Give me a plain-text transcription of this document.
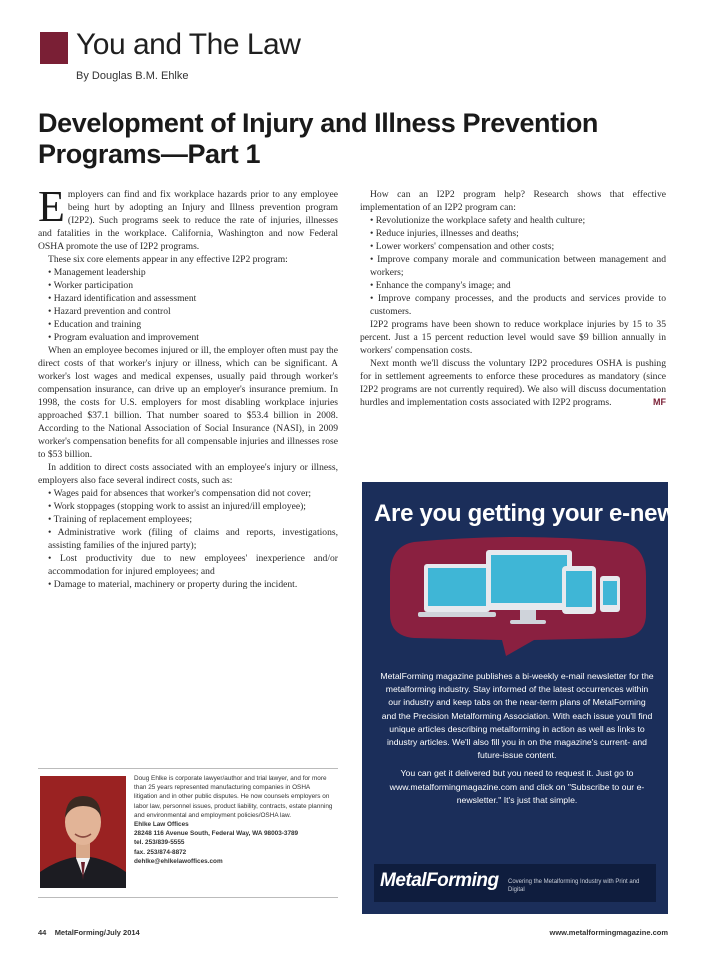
You and The Law
By Douglas B.M. Ehlke
Development of Injury and Illness Prevention Programs—Part 1

Employers can find and fix workplace hazards prior to any employee being hurt by adopting an Injury and Illness prevention program (I2P2). Such programs seek to reduce the rate of injuries, illnesses and fatalities in the workplace. California, Washington and now Federal OSHA promote the use of I2P2 programs.

These six core elements appear in any effective I2P2 program:

• Management leadership

• Worker participation

• Hazard identification and assessment

• Hazard prevention and control

• Education and training

• Program evaluation and improvement

When an employee becomes injured or ill, the employer often must pay the direct costs of that worker's injury or illness, which can be significant. A worker's lost wages and medical expenses, usually paid through worker's compensation insurance, can drive up an employer's insurance premium. In 1998, the costs for U.S. employers for most disabling workplace injuries approached $37.1 billion. That number soared to $53.4 billion in 2008. According to the National Association of Social Insurance (NASI), in 2009 worker's compensation benefits for all compensable injuries and illnesses rose to $53 billion.

In addition to direct costs associated with an employee's injury or illness, employers also face several indirect costs, such as:

• Wages paid for absences that worker's compensation did not cover;

• Work stoppages (stopping work to assist an injured/ill employee);

• Training of replacement employees;

• Administrative work (filing of claims and reports, investigations, assisting families of the injured party);

• Lost productivity due to new employees' inexperience and/or accommodation for injured employees; and

• Damage to material, machinery or property during the incident.

How can an I2P2 program help? Research shows that effective implementation of an I2P2 program can:

• Revolutionize the workplace safety and health culture;

• Reduce injuries, illnesses and deaths;

• Lower workers' compensation and other costs;

• Improve company morale and communication between management and workers;

• Enhance the company's image; and

• Improve company processes, and the products and services provide to customers.

I2P2 programs have been shown to reduce workplace injuries by 15 to 35 percent. Just a 15 percent reduction level would save $9 billion annually in workers' compensation costs.

Next month we'll discuss the voluntary I2P2 procedures OSHA is pushing for in settlement agreements to enforce these procedures as mandatory (since I2P2 programs are not currently required). We also will discuss documentation hurdles and implementation costs associated with I2P2 programs.	MF

Doug Ehlke is corporate lawyer/author and trial lawyer, and for more than 25 years represented manufacturing companies in OSHA litigation and in other public disputes. He now counsels employers on labor law, personnel issues, product liability, contracts, estate planning and environmental and employment policies/OSHA law.
Ehlke Law Offices
28248 116 Avenue South, Federal Way, WA 98003-3789
tel. 253/839-5555
fax. 253/874-8872
dehlke@ehlkelawoffices.com
Are you getting your e-news?

MetalForming magazine publishes a bi-weekly e-mail newsletter for the metalforming industry. Stay informed of the latest occurrences within our industry and keep tabs on the near-term plans of MetalForming and the Precision Metalforming Association. With each issue you'll find unique articles describing metalforming in action as well as links to industry articles. We'll also fill you in on the magazine's current- and future-issue content.

You can get it delivered but you need to request it. Just go to www.metalformingmagazine.com and click on "Subscribe to our e-newsletter." It's just that simple.

MetalForming Covering the Metalforming Industry with Print and Digital
44 MetalForming/July 2014	www.metalformingmagazine.com
